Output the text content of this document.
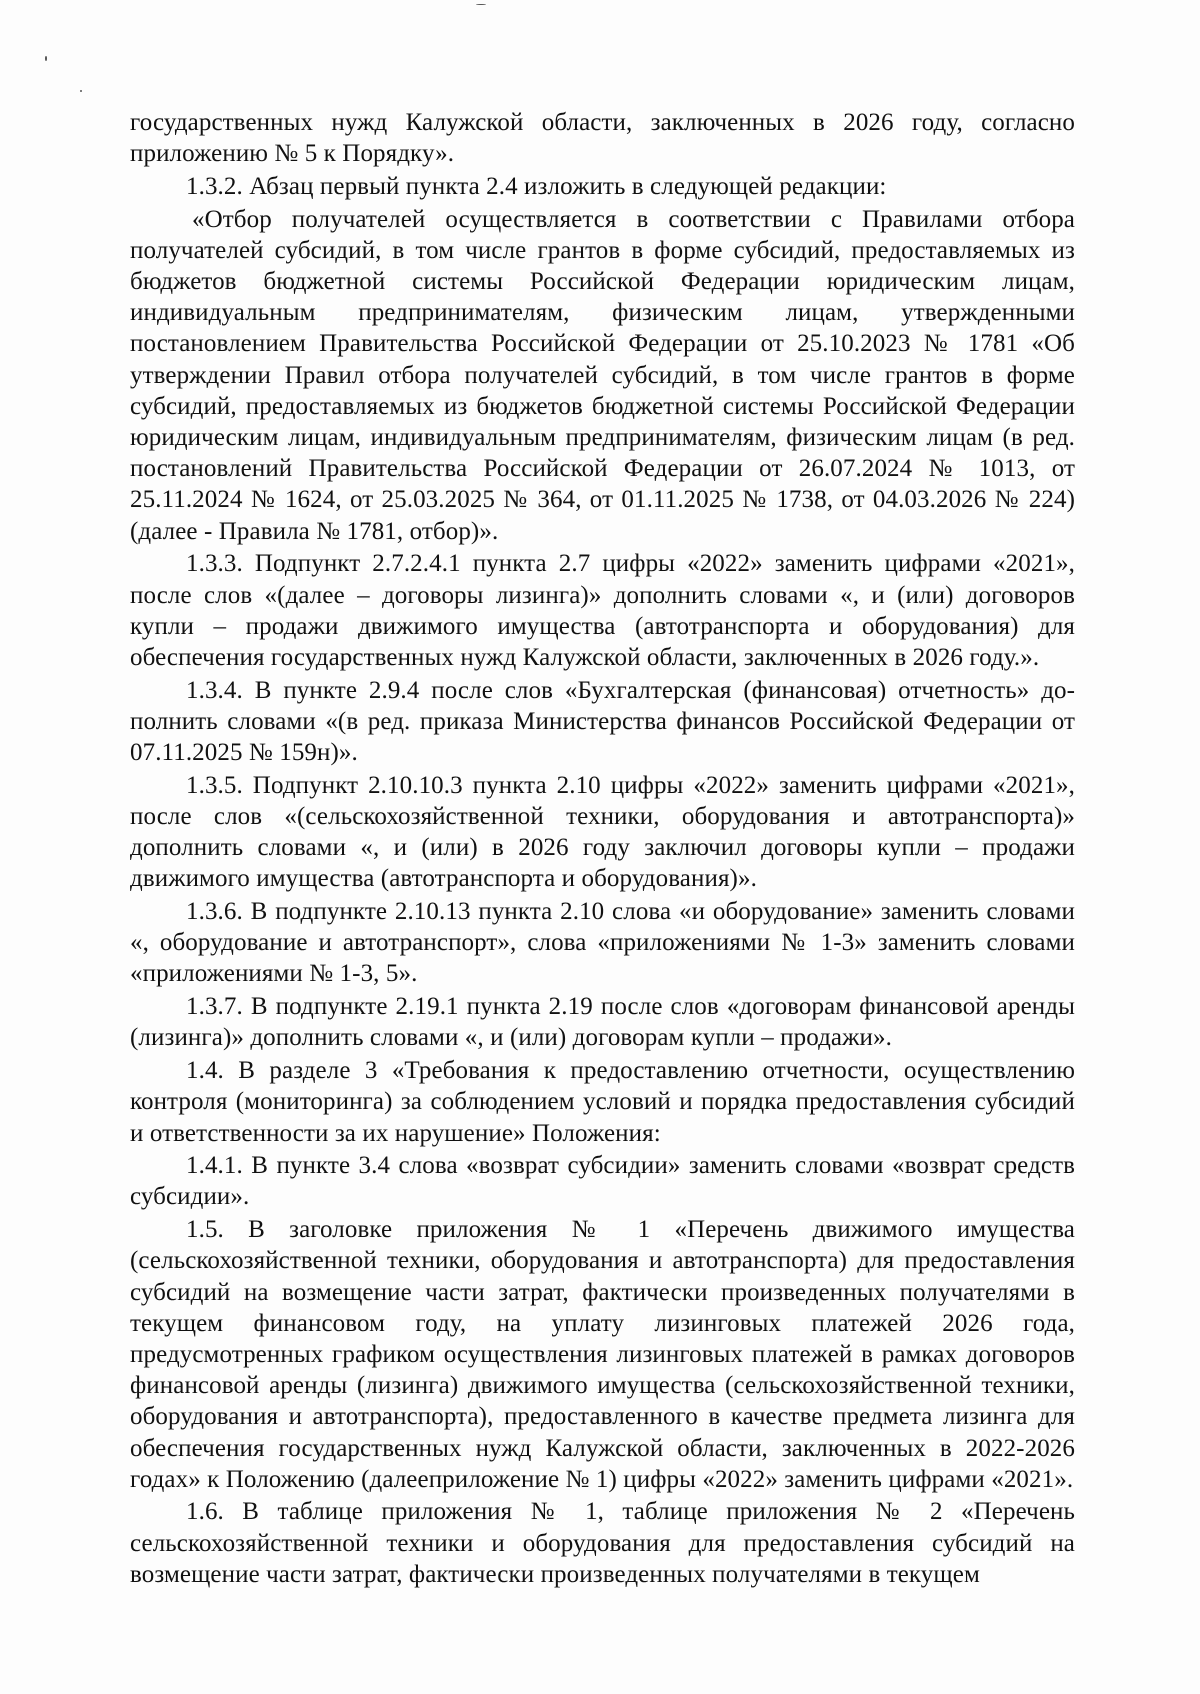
государственных нужд Калужской области, заключенных в 2026 году, согласно приложению № 5 к Порядку».

1.3.2. Абзац первый пункта 2.4 изложить в следующей редакции:

«Отбор получателей осуществляется в соответствии с Правилами отбора получателей субсидий, в том числе грантов в форме субсидий, предоставляемых из бюджетов бюджетной системы Российской Федерации юридическим лицам, индивидуальным предпринимателям, физическим лицам, утвержденными постановлением Правительства Российской Федерации от 25.10.2023 № 1781 «Об утверждении Правил отбора получателей субсидий, в том числе грантов в форме субсидий, предоставляемых из бюджетов бюджетной системы Российской Федерации юридическим лицам, индивидуальным предпринимателям, физическим лицам (в ред. постановлений Правительства Российской Федерации от 26.07.2024 № 1013, от 25.11.2024 № 1624, от 25.03.2025 № 364, от 01.11.2025 № 1738, от 04.03.2026 № 224) (далее - Правила № 1781, отбор)».

1.3.3. Подпункт 2.7.2.4.1 пункта 2.7 цифры «2022» заменить цифрами «2021», после слов «(далее – договоры лизинга)» дополнить словами «, и (или) договоров купли – продажи движимого имущества (автотранспорта и оборудования) для обеспечения государственных нужд Калужской области, заключенных в 2026 году.».

1.3.4. В пункте 2.9.4 после слов «Бухгалтерская (финансовая) отчетность» дополнить словами «(в ред. приказа Министерства финансов Российской Федерации от 07.11.2025 № 159н)».

1.3.5. Подпункт 2.10.10.3 пункта 2.10 цифры «2022» заменить цифрами «2021», после слов «(сельскохозяйственной техники, оборудования и автотранспорта)» дополнить словами «, и (или) в 2026 году заключил договоры купли – продажи движимого имущества (автотранспорта и оборудования)».

1.3.6. В подпункте 2.10.13 пункта 2.10 слова «и оборудование» заменить словами «, оборудование и автотранспорт», слова «приложениями № 1-3» заменить словами «приложениями № 1-3, 5».

1.3.7. В подпункте 2.19.1 пункта 2.19 после слов «договорам финансовой аренды (лизинга)» дополнить словами «, и (или) договорам купли – продажи».

1.4. В разделе 3 «Требования к предоставлению отчетности, осуществлению контроля (мониторинга) за соблюдением условий и порядка предоставления субсидий и ответственности за их нарушение» Положения:

1.4.1. В пункте 3.4 слова «возврат субсидии» заменить словами «возврат средств субсидии».

1.5. В заголовке приложения № 1 «Перечень движимого имущества (сельскохозяйственной техники, оборудования и автотранспорта) для предоставления субсидий на возмещение части затрат, фактически произведенных получателями в текущем финансовом году, на уплату лизинговых платежей 2026 года, предусмотренных графиком осуществления лизинговых платежей в рамках договоров финансовой аренды (лизинга) движимого имущества (сельскохозяйственной техники, оборудования и автотранспорта), предоставленного в качестве предмета лизинга для обеспечения государственных нужд Калужской области, заключенных в 2022-2026 годах» к Положению (далееприложение № 1) цифры «2022» заменить цифрами «2021».

1.6. В таблице приложения № 1, таблице приложения № 2 «Перечень сельскохозяйственной техники и оборудования для предоставления субсидий на возмещение части затрат, фактически произведенных получателями в текущем
